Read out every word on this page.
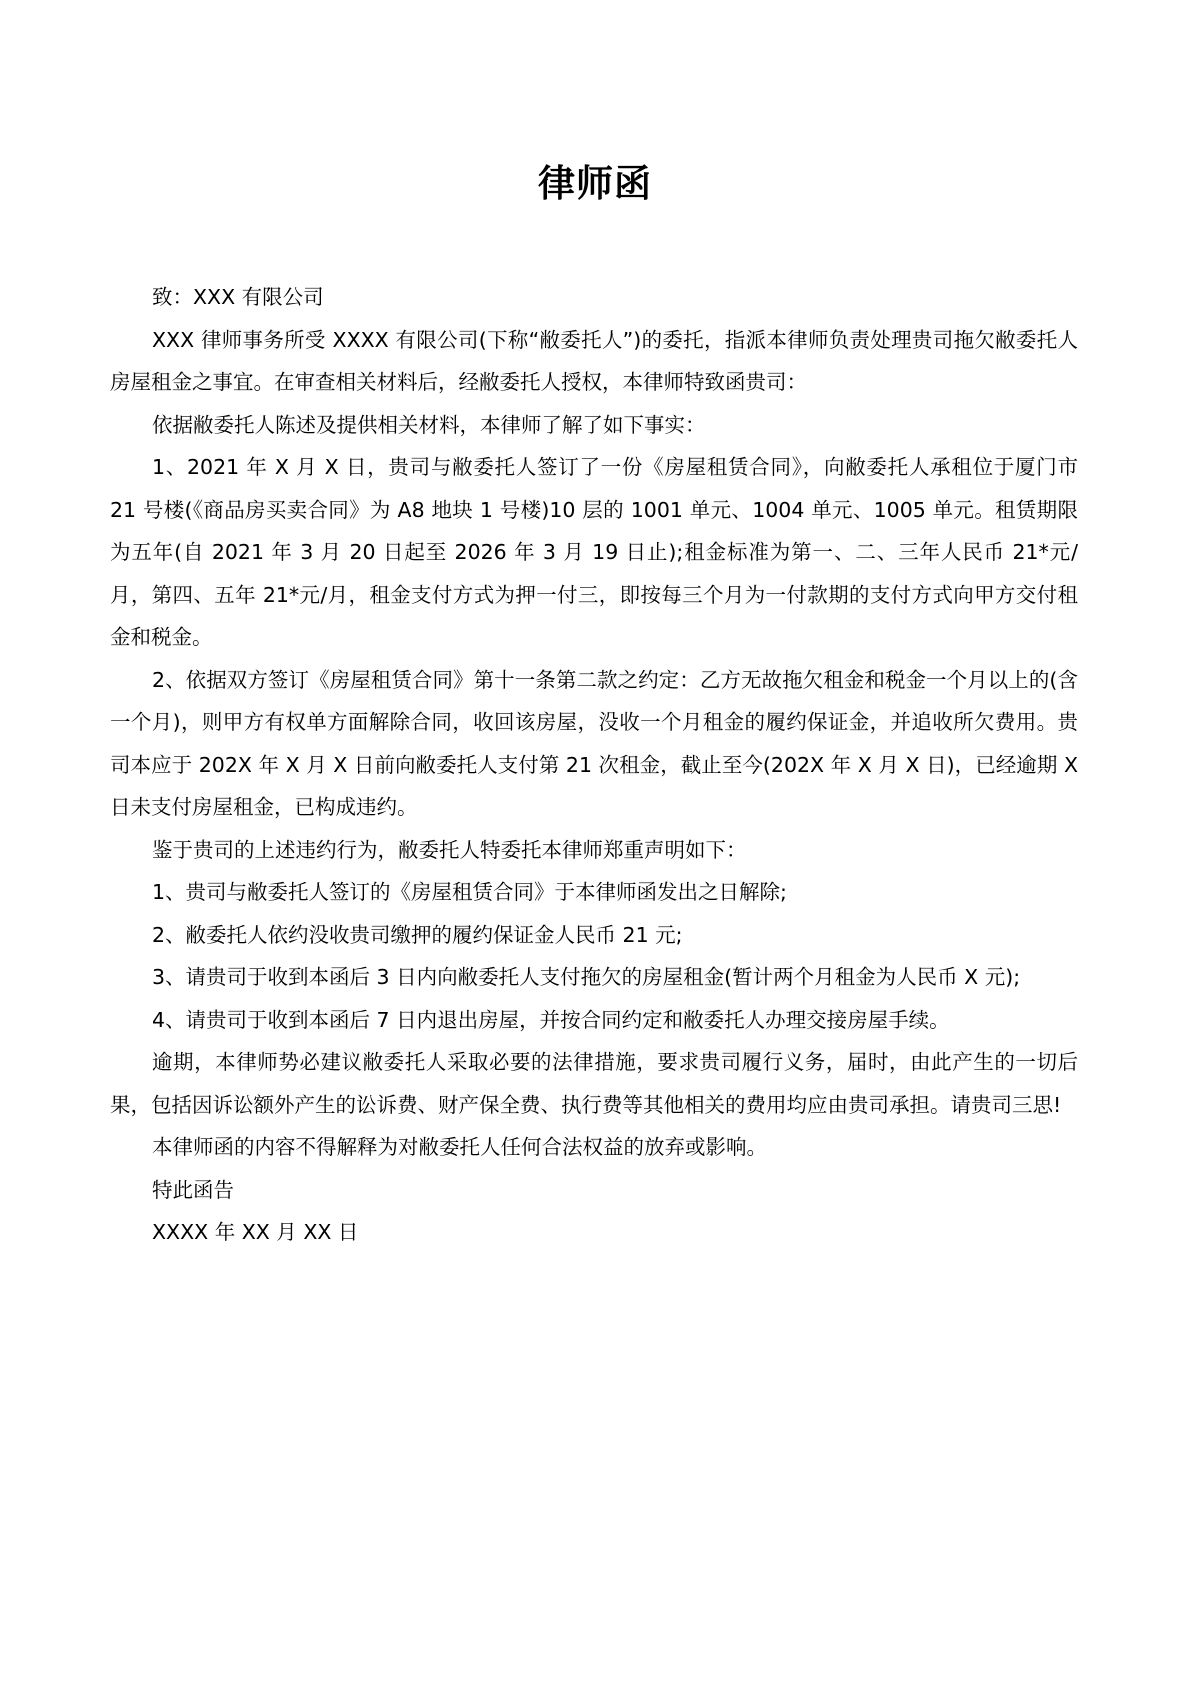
律师函

致：XXX 有限公司

XXX 律师事务所受 XXXX 有限公司(下称“敝委托人”)的委托，指派本律师负责处理贵司拖欠敝委托人房屋租金之事宜。在审查相关材料后，经敝委托人授权，本律师特致函贵司：

依据敝委托人陈述及提供相关材料，本律师了解了如下事实：

1、2021 年 X 月 X 日，贵司与敝委托人签订了一份《房屋租赁合同》，向敝委托人承租位于厦门市 21 号楼(《商品房买卖合同》为 A8 地块 1 号楼)10 层的 1001 单元、1004 单元、1005 单元。租赁期限为五年(自 2021 年 3 月 20 日起至 2026 年 3 月 19 日止);租金标准为第一、二、三年人民币 21*元/月，第四、五年 21*元/月，租金支付方式为押一付三，即按每三个月为一付款期的支付方式向甲方交付租金和税金。

2、依据双方签订《房屋租赁合同》第十一条第二款之约定：乙方无故拖欠租金和税金一个月以上的(含一个月)，则甲方有权单方面解除合同，收回该房屋，没收一个月租金的履约保证金，并追收所欠费用。贵司本应于 202X 年 X 月 X 日前向敝委托人支付第 21 次租金，截止至今(202X 年 X 月 X 日)，已经逾期 X 日未支付房屋租金，已构成违约。

鉴于贵司的上述违约行为，敝委托人特委托本律师郑重声明如下：

1、贵司与敝委托人签订的《房屋租赁合同》于本律师函发出之日解除;

2、敝委托人依约没收贵司缴押的履约保证金人民币 21 元;

3、请贵司于收到本函后 3 日内向敝委托人支付拖欠的房屋租金(暂计两个月租金为人民币 X 元);

4、请贵司于收到本函后 7 日内退出房屋，并按合同约定和敝委托人办理交接房屋手续。

逾期，本律师势必建议敝委托人采取必要的法律措施，要求贵司履行义务，届时，由此产生的一切后果，包括因诉讼额外产生的讼诉费、财产保全费、执行费等其他相关的费用均应由贵司承担。请贵司三思!

本律师函的内容不得解释为对敝委托人任何合法权益的放弃或影响。

特此函告

XXXX 年 XX 月 XX 日
